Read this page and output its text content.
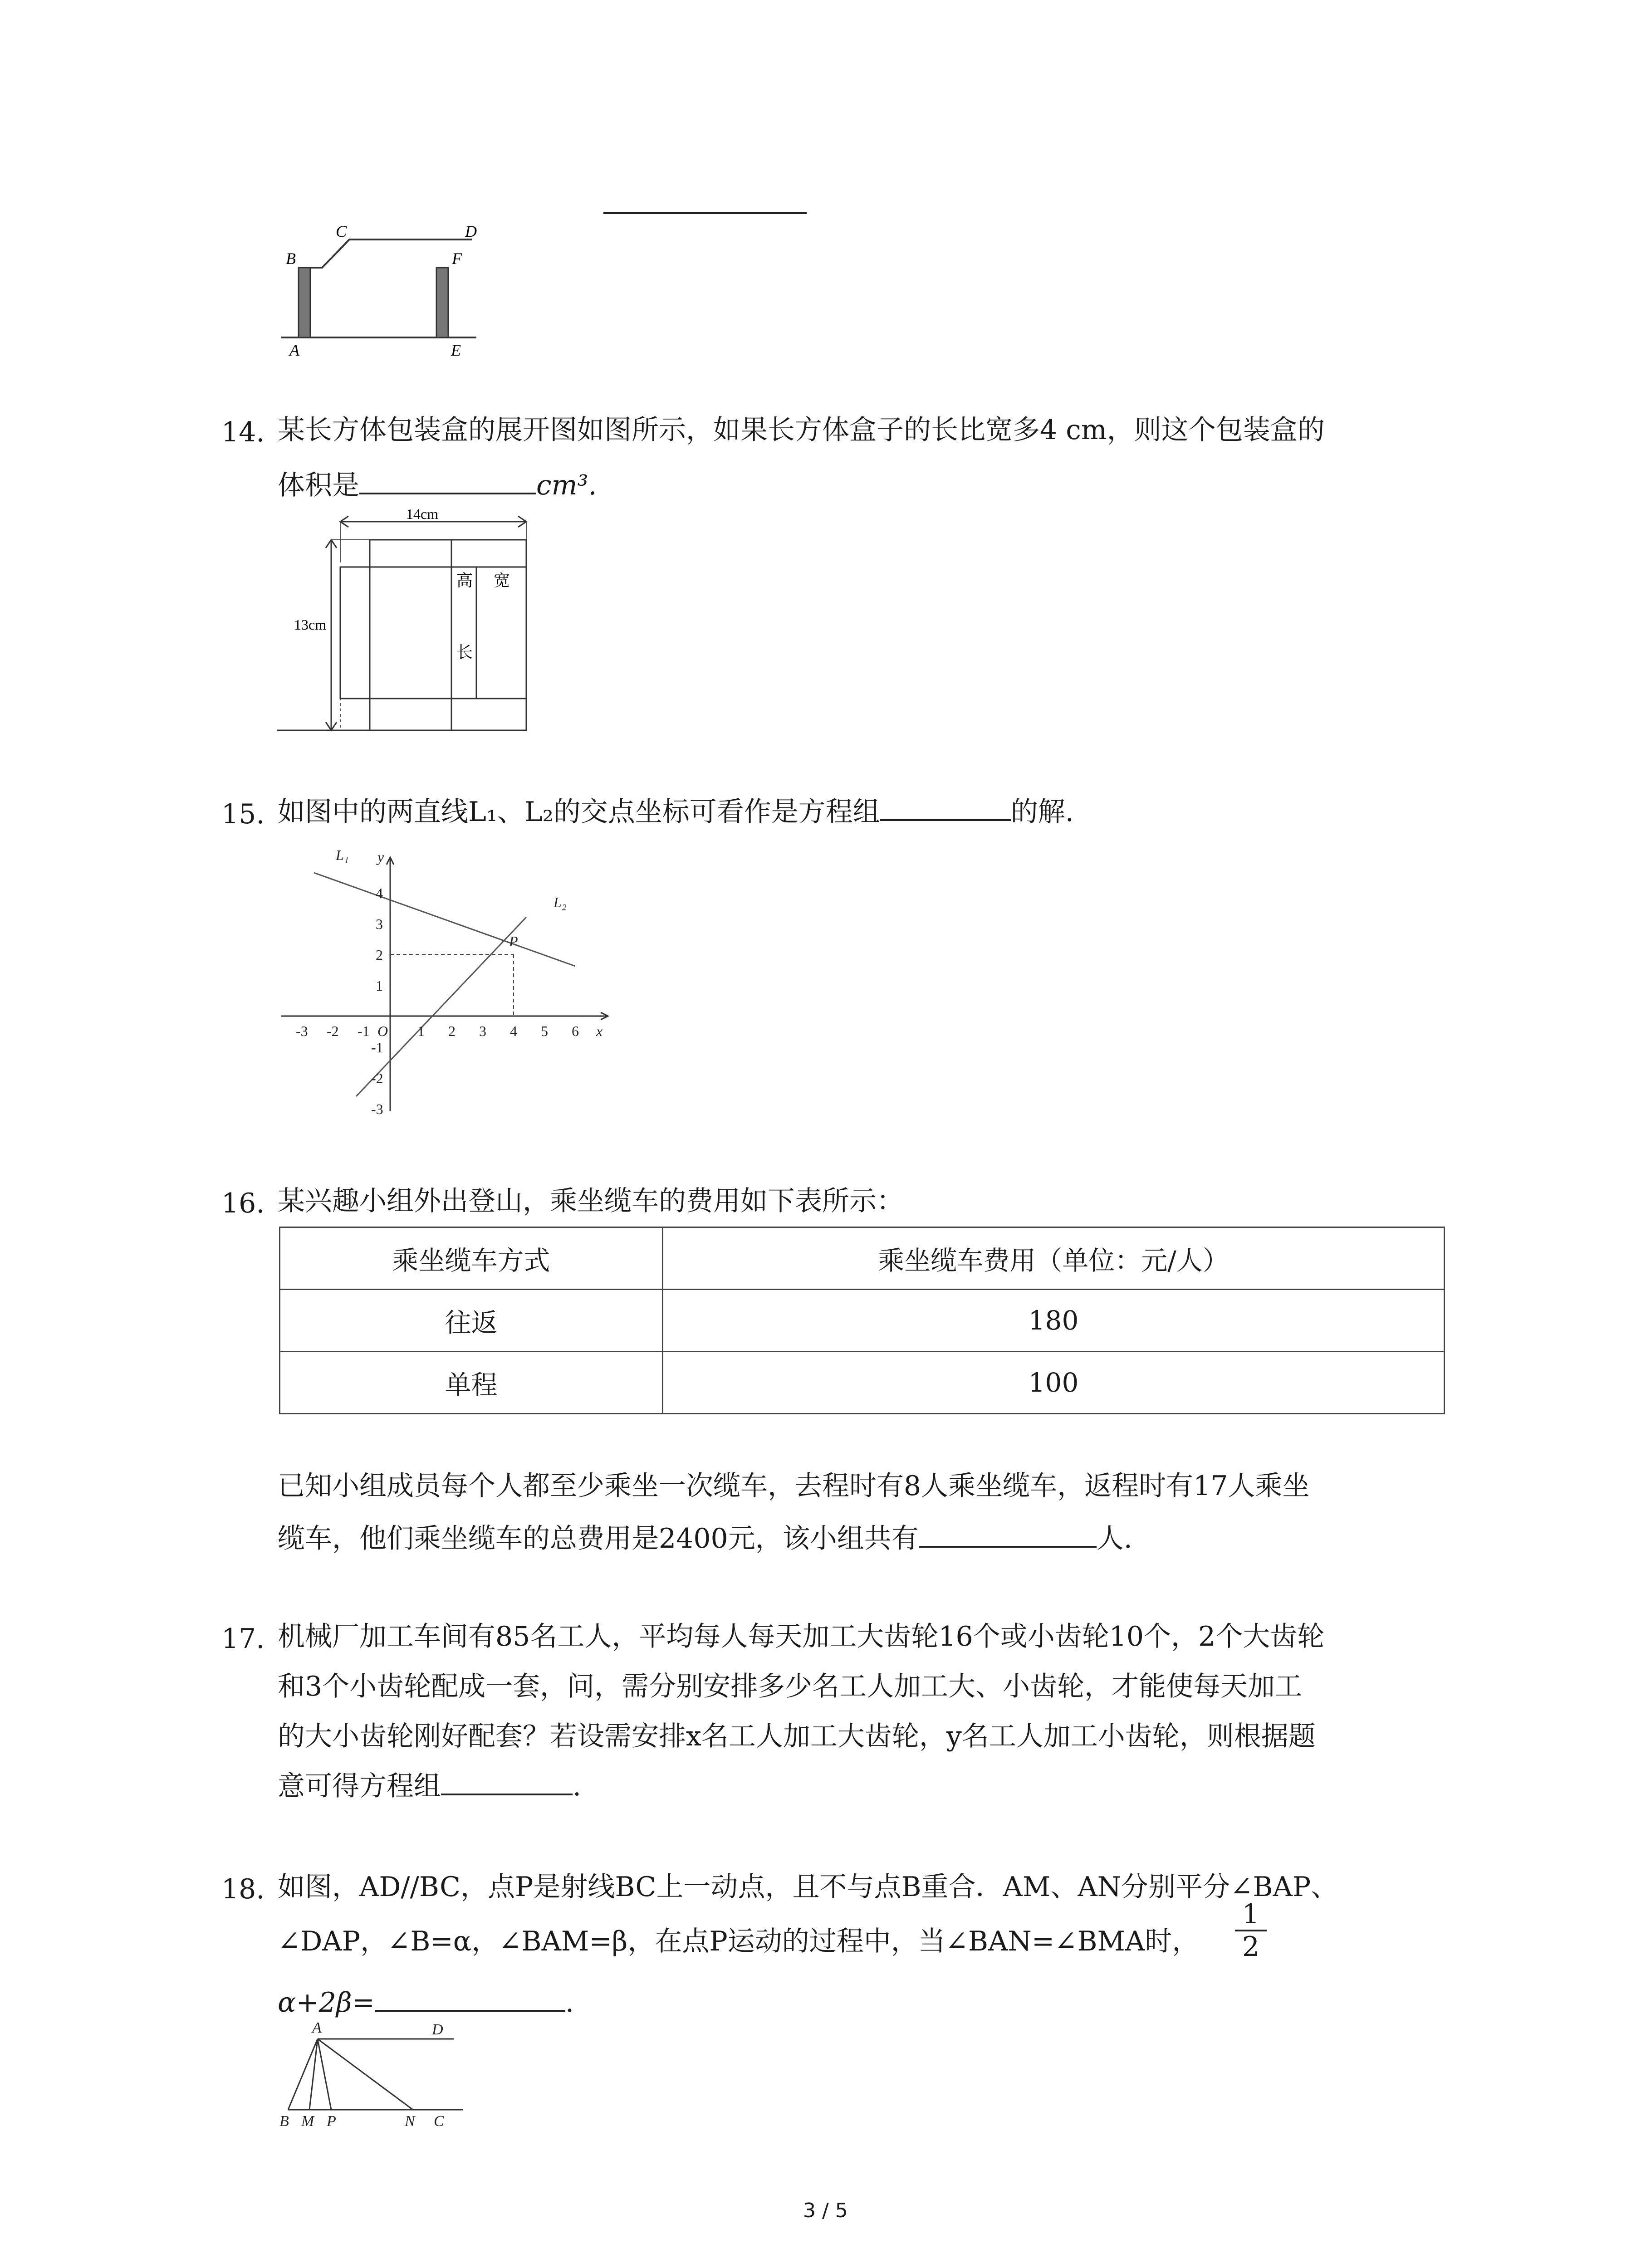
C	D
B	F
A	E
14. 某长方体包装盒的展开图如图所示，如果长方体盒子的长比宽多4 cm，则这个包装盒的
体积是	cm³.
14cm
13cm
高 宽
长
15. 如图中的两直线L₁、L₂的交点坐标可看作是方程组	的解.
-3 -2 -1 O 1 2 3 4 5 6 x
4
3
2
1
-1
-2
-3
y
L₁
L₂
P
16. 某兴趣小组外出登山，乘坐缆车的费用如下表所示：
乘坐缆车方式	乘坐缆车费用（单位：元/人）
往返	180
单程	100
已知小组成员每个人都至少乘坐一次缆车，去程时有8人乘坐缆车，返程时有17人乘坐
缆车，他们乘坐缆车的总费用是2400元，该小组共有	人.
17. 机械厂加工车间有85名工人，平均每人每天加工大齿轮16个或小齿轮10个，2个大齿轮
和3个小齿轮配成一套，问，需分别安排多少名工人加工大、小齿轮，才能使每天加工
的大小齿轮刚好配套？若设需安排x名工人加工大齿轮，y名工人加工小齿轮，则根据题
意可得方程组	.
18. 如图，AD//BC，点P是射线BC上一动点，且不与点B重合．AM、AN分别平分∠BAP、
∠DAP，∠B=α，∠BAM=β，在点P运动的过程中，当∠BAN=∠BMA时，
1
2
α+2β=	.
A	D
B M P	N C
3 / 5
